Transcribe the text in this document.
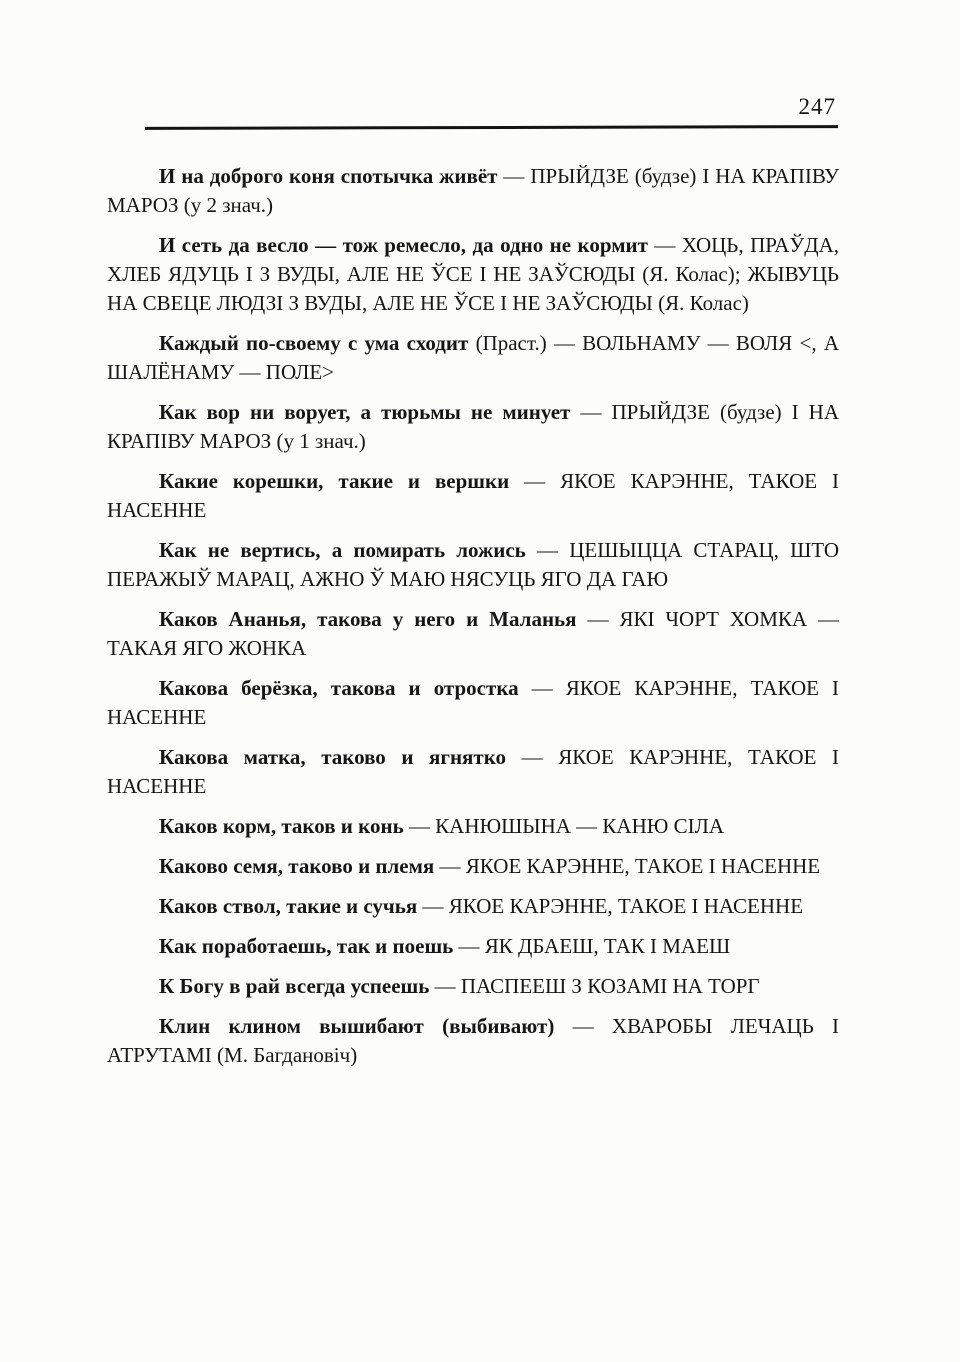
247

И на доброго коня спотычка живёт — ПРЫЙДЗЕ (будзе) І НА КРАПІВУ МАРОЗ (у 2 знач.)

И сеть да весло — тож ремесло, да одно не кормит — ХОЦЬ, ПРАЎДА, ХЛЕБ ЯДУЦЬ І З ВУДЫ, АЛЕ НЕ ЎСЕ І НЕ ЗАЎСЮДЫ (Я. Колас); ЖЫВУЦЬ НА СВЕЦЕ ЛЮДЗІ З ВУДЫ, АЛЕ НЕ ЎСЕ І НЕ ЗАЎСЮДЫ (Я. Колас)

Каждый по-своему с ума сходит (Праст.) — ВОЛЬНАМУ — ВОЛЯ <, А ШАЛЁНАМУ — ПОЛЕ>

Как вор ни ворует, а тюрьмы не минует — ПРЫЙДЗЕ (будзе) І НА КРАПІВУ МАРОЗ (у 1 знач.)

Какие корешки, такие и вершки — ЯКОЕ КАРЭННЕ, ТАКОЕ І НАСЕННЕ

Как не вертись, а помирать ложись — ЦЕШЫЦЦА СТАРАЦ, ШТО ПЕРАЖЫЎ МАРАЦ, АЖНО Ў МАЮ НЯСУЦЬ ЯГО ДА ГАЮ

Каков Ананья, такова у него и Маланья — ЯКІ ЧОРТ ХОМКА — ТАКАЯ ЯГО ЖОНКА

Какова берёзка, такова и отростка — ЯКОЕ КАРЭННЕ, ТАКОЕ І НАСЕННЕ

Какова матка, таково и ягнятко — ЯКОЕ КАРЭННЕ, ТАКОЕ І НАСЕННЕ

Каков корм, таков и конь — КАНЮШЫНА — КАНЮ СІЛА

Каково семя, таково и племя — ЯКОЕ КАРЭННЕ, ТАКОЕ І НАСЕННЕ

Каков ствол, такие и сучья — ЯКОЕ КАРЭННЕ, ТАКОЕ І НАСЕННЕ

Как поработаешь, так и поешь — ЯК ДБАЕШ, ТАК І МАЕШ

К Богу в рай всегда успеешь — ПАСПЕЕШ З КОЗАМІ НА ТОРГ

Клин клином вышибают (выбивают) — ХВАРОБЫ ЛЕЧАЦЬ І АТРУТАМІ (М. Багдановіч)
